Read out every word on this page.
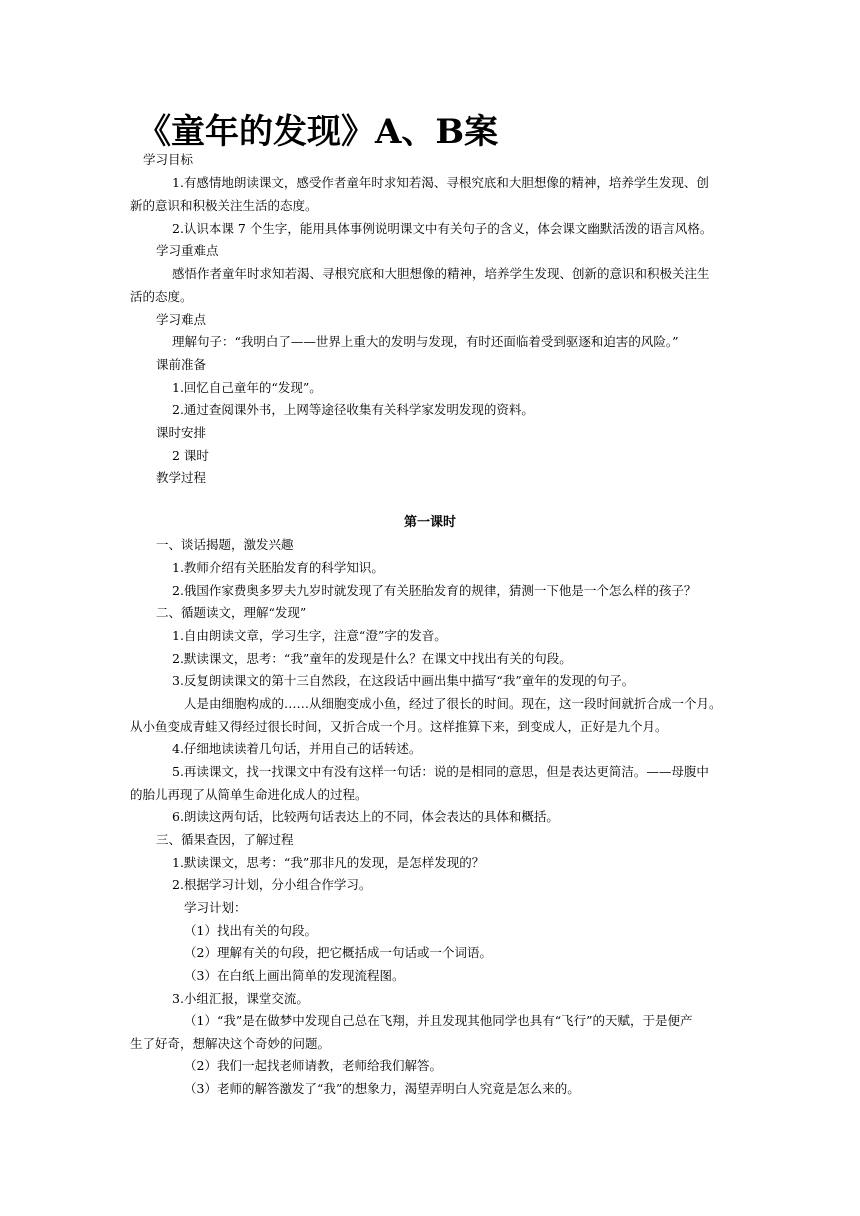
《童年的发现》A、B案
学习目标
1.有感情地朗读课文，感受作者童年时求知若渴、寻根究底和大胆想像的精神，培养学生发现、创
新的意识和积极关注生活的态度。
2.认识本课 7 个生字，能用具体事例说明课文中有关句子的含义，体会课文幽默活泼的语言风格。
学习重难点
感悟作者童年时求知若渴、寻根究底和大胆想像的精神，培养学生发现、创新的意识和积极关注生
活的态度。
学习难点
理解句子：“我明白了——世界上重大的发明与发现，有时还面临着受到驱逐和迫害的风险。”
课前准备
1.回忆自己童年的“发现”。
2.通过查阅课外书，上网等途径收集有关科学家发明发现的资料。
课时安排
2 课时
教学过程
第一课时
一、谈话揭题，激发兴趣
1.教师介绍有关胚胎发育的科学知识。
2.俄国作家费奥多罗夫九岁时就发现了有关胚胎发育的规律，猜测一下他是一个怎么样的孩子？
二、循题读文，理解“发现”
1.自由朗读文章，学习生字，注意“澄”字的发音。
2.默读课文，思考：“我”童年的发现是什么？在课文中找出有关的句段。
3.反复朗读课文的第十三自然段，在这段话中画出集中描写“我”童年的发现的句子。
人是由细胞构成的……从细胞变成小鱼，经过了很长的时间。现在，这一段时间就折合成一个月。
从小鱼变成青蛙又得经过很长时间，又折合成一个月。这样推算下来，到变成人，正好是九个月。
4.仔细地读读着几句话，并用自己的话转述。
5.再读课文，找一找课文中有没有这样一句话：说的是相同的意思，但是表达更简洁。——母腹中
的胎儿再现了从简单生命进化成人的过程。
6.朗读这两句话，比较两句话表达上的不同，体会表达的具体和概括。
三、循果查因，了解过程
1.默读课文，思考：“我”那非凡的发现，是怎样发现的？
2.根据学习计划，分小组合作学习。
学习计划：
（1）找出有关的句段。
（2）理解有关的句段，把它概括成一句话或一个词语。
（3）在白纸上画出简单的发现流程图。
3.小组汇报，课堂交流。
（1）“我”是在做梦中发现自己总在飞翔，并且发现其他同学也具有“飞行”的天赋，于是便产
生了好奇，想解决这个奇妙的问题。
（2）我们一起找老师请教，老师给我们解答。
（3）老师的解答激发了“我”的想象力，渴望弄明白人究竟是怎么来的。
